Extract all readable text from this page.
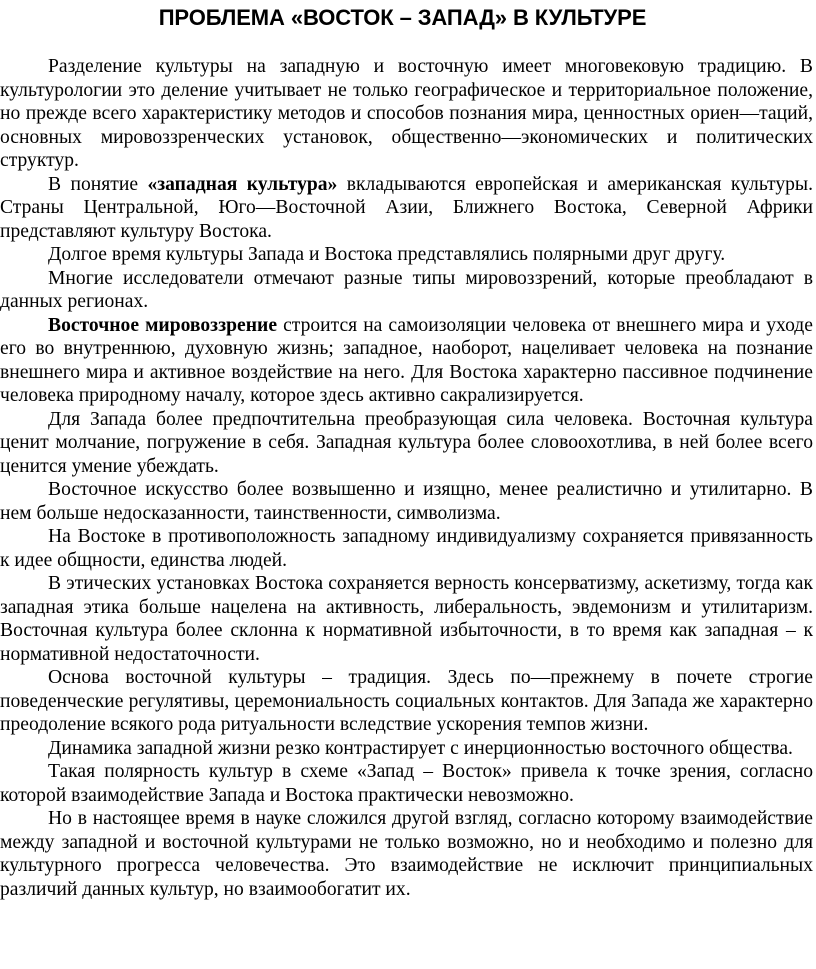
ПРОБЛЕМА «ВОСТОК – ЗАПАД» В КУЛЬТУРЕ

Разделение культуры на западную и восточную имеет многовековую традицию. В культурологии это деление учитывает не только географическое и территориальное положение, но прежде всего характеристику методов и способов познания мира, ценностных ориен—таций, основных мировоззренческих установок, общественно—экономических и политических структур.

В понятие «западная культура» вкладываются европейская и американская культуры. Страны Центральной, Юго—Восточной Азии, Ближнего Востока, Северной Африки представляют культуру Востока.

Долгое время культуры Запада и Востока представлялись полярными друг другу.

Многие исследователи отмечают разные типы мировоззрений, которые преобладают в данных регионах.

Восточное мировоззрение строится на самоизоляции человека от внешнего мира и уходе его во внутреннюю, духовную жизнь; западное, наоборот, нацеливает человека на познание внешнего мира и активное воздействие на него. Для Востока характерно пассивное подчинение человека природному началу, которое здесь активно сакрализируется.

Для Запада более предпочтительна преобразующая сила человека. Восточная культура ценит молчание, погружение в себя. Западная культура более словоохотлива, в ней более всего ценится умение убеждать.

Восточное искусство более возвышенно и изящно, менее реалистично и утилитарно. В нем больше недосказанности, таинственности, символизма.

На Востоке в противоположность западному индивидуализму сохраняется привязанность к идее общности, единства людей.

В этических установках Востока сохраняется верность консерватизму, аскетизму, тогда как западная этика больше нацелена на активность, либеральность, эвдемонизм и утилитаризм. Восточная культура более склонна к нормативной избыточности, в то время как западная – к нормативной недостаточности.

Основа восточной культуры – традиция. Здесь по—прежнему в почете строгие поведенческие регулятивы, церемониальность социальных контактов. Для Запада же характерно преодоление всякого рода ритуальности вследствие ускорения темпов жизни.

Динамика западной жизни резко контрастирует с инерционностью восточного общества.

Такая полярность культур в схеме «Запад – Восток» привела к точке зрения, согласно которой взаимодействие Запада и Востока практически невозможно.

Но в настоящее время в науке сложился другой взгляд, согласно которому взаимодействие между западной и восточной культурами не только возможно, но и необходимо и полезно для культурного прогресса человечества. Это взаимодействие не исключит принципиальных различий данных культур, но взаимообогатит их.
